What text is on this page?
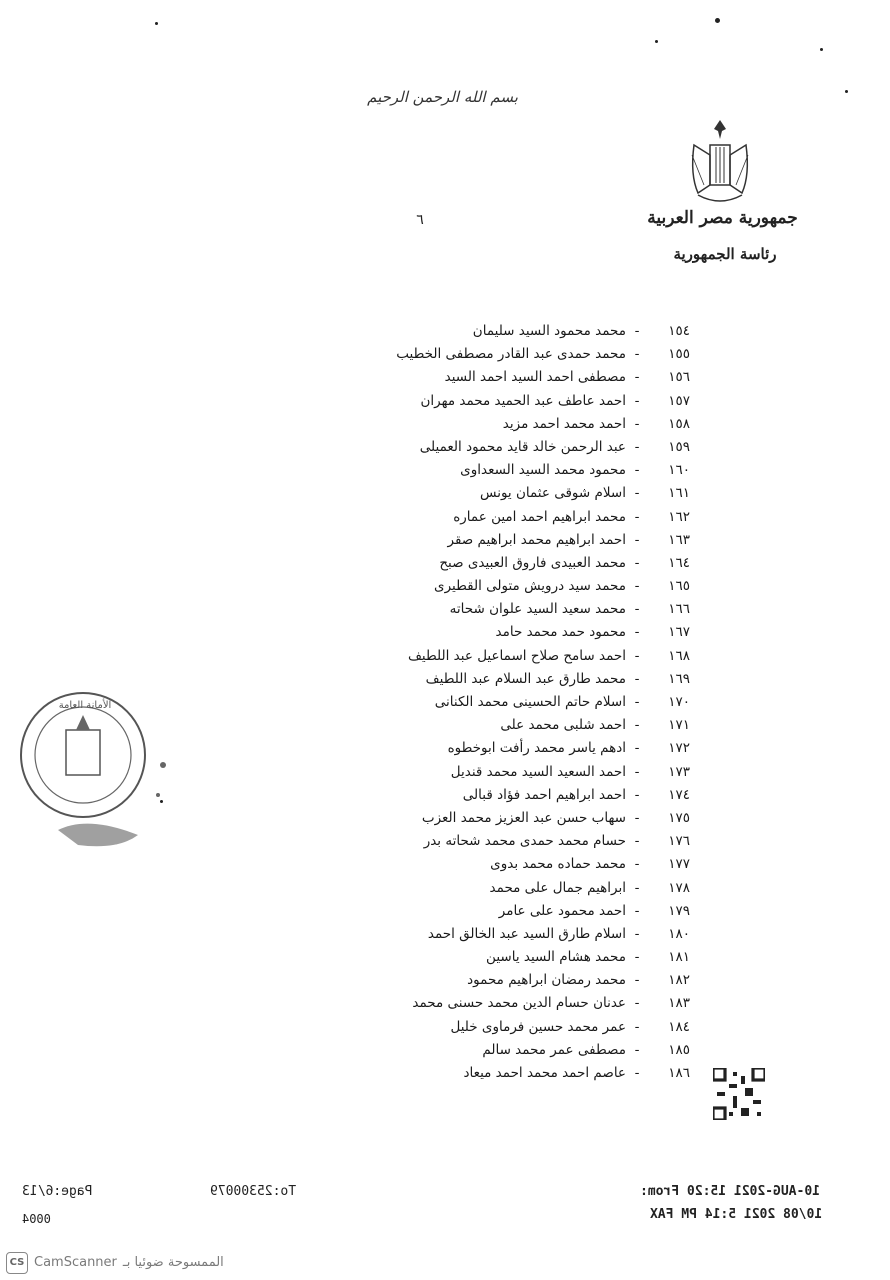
بسم الله الرحمن الرحيم
جمهورية مصر العربية
رئاسة الجمهورية
٦
١٥٤
-
محمد محمود السيد سليمان
١٥٥
-
محمد حمدى عبد القادر مصطفى الخطيب
١٥٦
-
مصطفى احمد السيد احمد السيد
١٥٧
-
احمد عاطف عبد الحميد محمد مهران
١٥٨
-
احمد محمد احمد مزيد
١٥٩
-
عبد الرحمن خالد قايد محمود العميلى
١٦٠
-
محمود محمد السيد السعداوى
١٦١
-
اسلام شوقى عثمان يونس
١٦٢
-
محمد ابراهيم احمد امين عماره
١٦٣
-
احمد ابراهيم محمد ابراهيم صقر
١٦٤
-
محمد العبيدى فاروق العبيدى صبح
١٦٥
-
محمد سيد درويش متولى القطيرى
١٦٦
-
محمد سعيد السيد علوان شحاته
١٦٧
-
محمود حمد محمد حامد
١٦٨
-
احمد سامح صلاح اسماعيل عبد اللطيف
١٦٩
-
محمد طارق عبد السلام عبد اللطيف
١٧٠
-
اسلام حاتم الحسينى محمد الكنانى
١٧١
-
احمد شلبى محمد على
١٧٢
-
ادهم ياسر محمد رأفت ابوخطوه
١٧٣
-
احمد السعيد السيد محمد قنديل
١٧٤
-
احمد ابراهيم احمد فؤاد قبالى
١٧٥
-
سهاب حسن عبد العزيز محمد العزب
١٧٦
-
حسام محمد حمدى محمد شحاته بدر
١٧٧
-
محمد حماده محمد بدوى
١٧٨
-
ابراهيم جمال على محمد
١٧٩
-
احمد محمود على عامر
١٨٠
-
اسلام طارق السيد عبد الخالق احمد
١٨١
-
محمد هشام السيد ياسين
١٨٢
-
محمد رمضان ابراهيم محمود
١٨٣
-
عدنان حسام الدين محمد حسنى محمد
١٨٤
-
عمر محمد حسين فرماوى خليل
١٨٥
-
مصطفى عمر محمد سالم
١٨٦
-
عاصم احمد محمد احمد ميعاد
الأمانة العامة
10-AUG-2021 15:20 From:
To:25300079
Page:6/13
10/08 2021 5:14 PM FAX
0004
CS CamScanner الممسوحة ضوئيا بـ
